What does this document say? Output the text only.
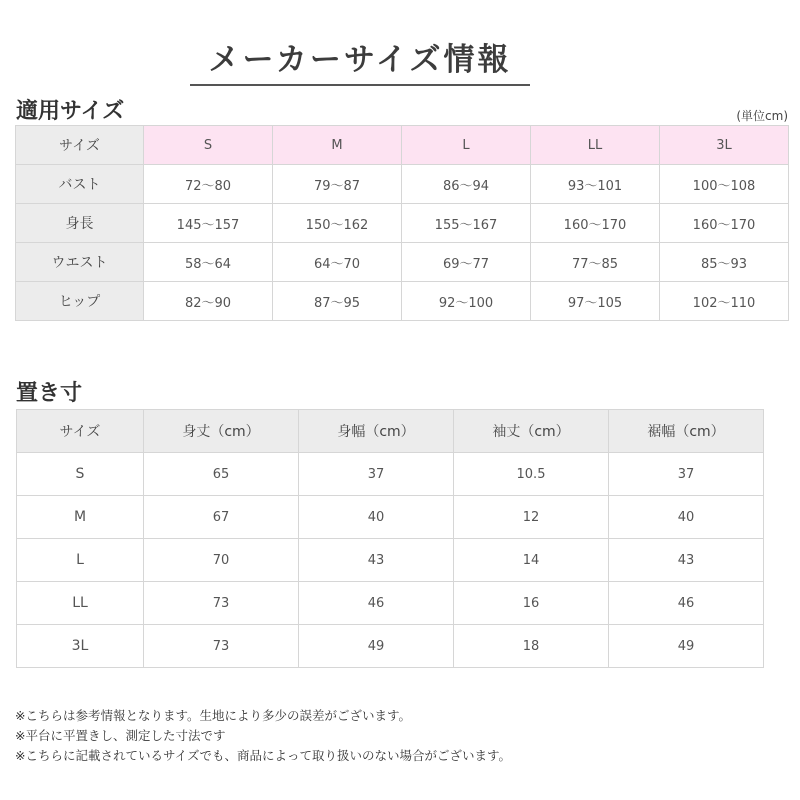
メーカーサイズ情報
適用サイズ	(単位cm)
サイズ	S	M	L	LL	3L
バスト	72〜80	79〜87	86〜94	93〜101	100〜108
身長	145〜157	150〜162	155〜167	160〜170	160〜170
ウエスト	58〜64	64〜70	69〜77	77〜85	85〜93
ヒップ	82〜90	87〜95	92〜100	97〜105	102〜110
置き寸
サイズ	身丈（cm）	身幅（cm）	袖丈（cm）	裾幅（cm）
S	65	37	10.5	37
M	67	40	12	40
L	70	43	14	43
LL	73	46	16	46
3L	73	49	18	49
※こちらは参考情報となります。生地により多少の誤差がございます。
※平台に平置きし、測定した寸法です
※こちらに記載されているサイズでも、商品によって取り扱いのない場合がございます。
